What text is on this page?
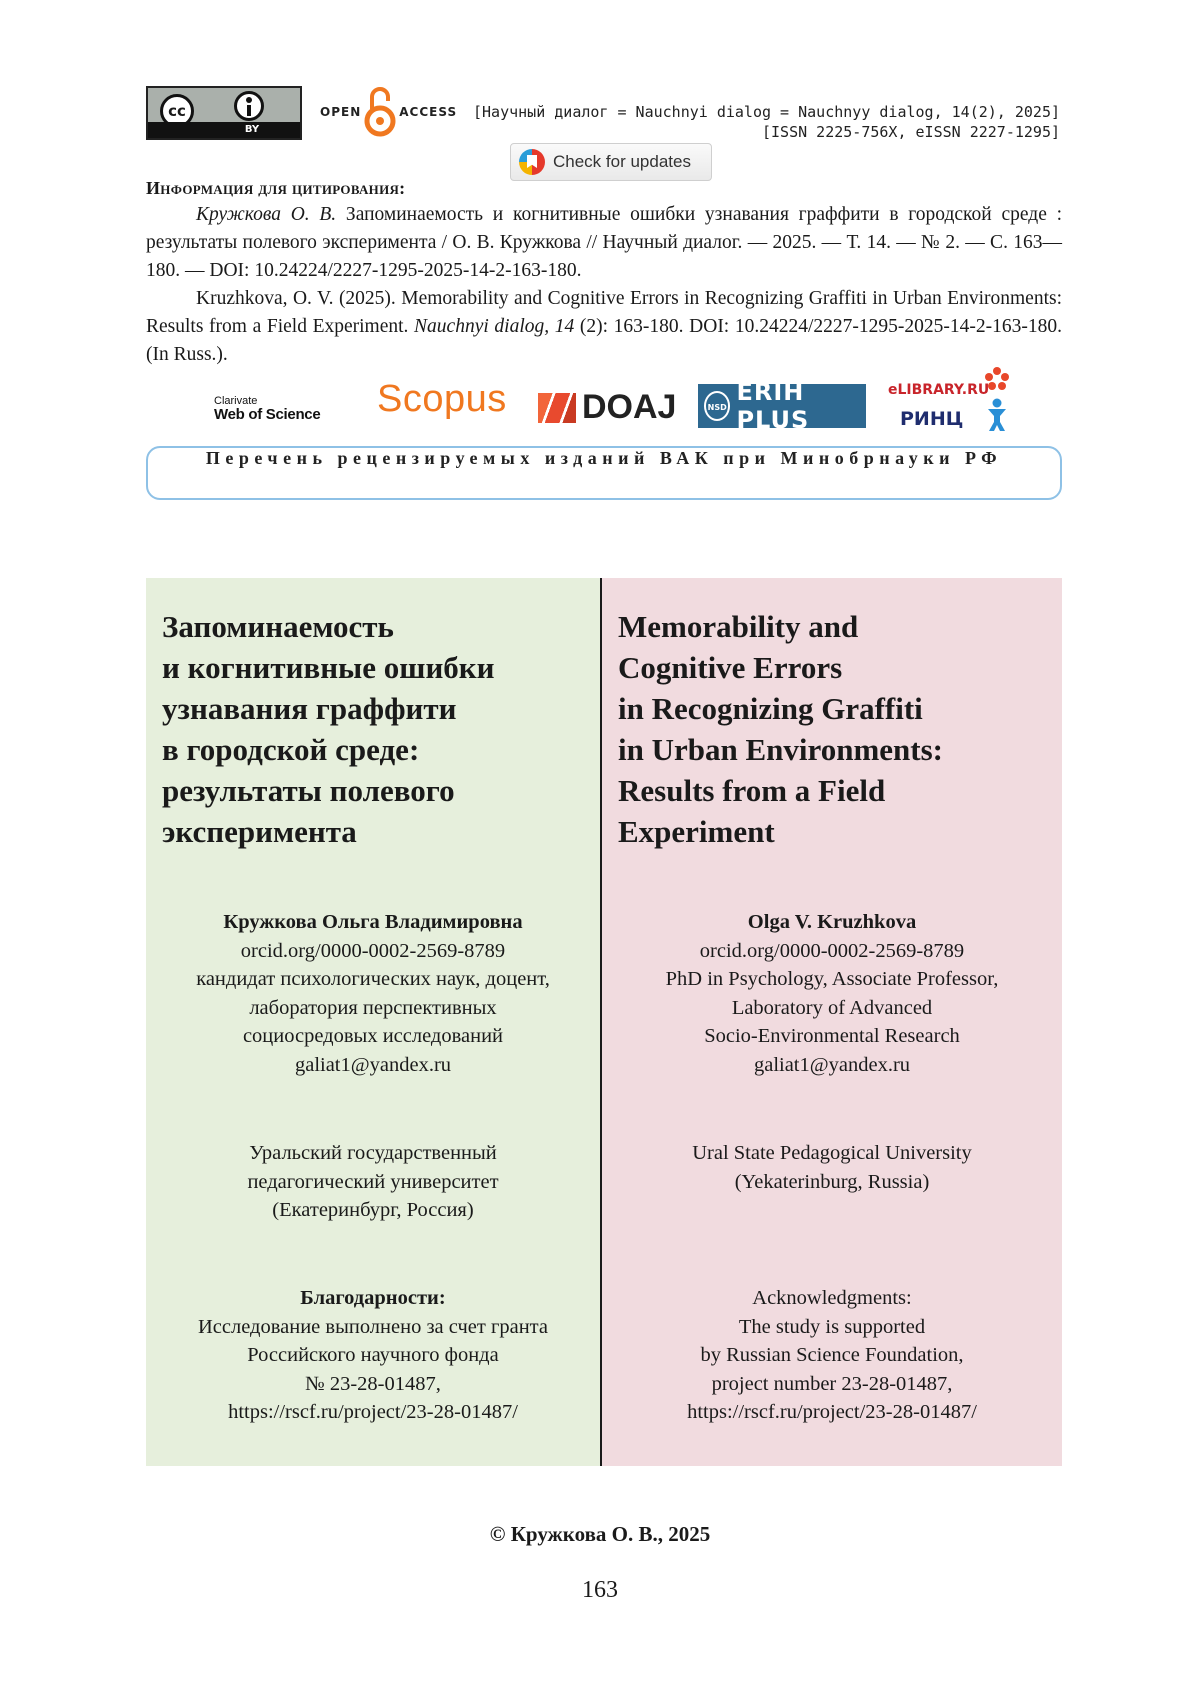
cc
BY
OPEN	ACCESS [Научный диалог = Nauchnyi dialog = Nauchnyy dialog, 14(2), 2025]
[ISSN 2225-756X, eISSN 2227-1295]
Check for updates
Информация для цитирования:
Кружкова О. В. Запоминаемость и когнитивные ошибки узнавания граффити в городской среде : результаты полевого эксперимента / О. В. Кружкова // Научный диалог. — 2025. — Т. 14. — № 2. — С. 163—180. — DOI: 10.24224/2227-1295-2025-14-2-163-180.
Kruzhkova, O. V. (2025). Memorability and Cognitive Errors in Recognizing Graffiti in Urban Environments: Results from a Field Experiment. Nauchnyi dialog, 14 (2): 163-180. DOI: 10.24224/2227-1295-2025-14-2-163-180. (In Russ.).
Clarivate
Web of Science Scopus DOAJ	NSD
ERIH PLUS
eLIBRARY.RU
РИНЦ
Перечень рецензируемых изданий ВАК при Минобрнауки РФ
Запоминаемость
и когнитивные ошибки
узнавания граффити
в городской среде:
результаты полевого
эксперимента
Кружкова Ольга Владимировна
orcid.org/0000-0002-2569-8789
кандидат психологических наук, доцент,
лаборатория перспективных
социосредовых исследований
galiat1@yandex.ru
Уральский государственный
педагогический университет
(Екатеринбург, Россия)
Благодарности:
Исследование выполнено за счет гранта
Российского научного фонда
№ 23-28-01487,
https://rscf.ru/project/23-28-01487/
Memorability and
Cognitive Errors
in Recognizing Graffiti
in Urban Environments:
Results from a Field
Experiment
Olga V. Kruzhkova
orcid.org/0000-0002-2569-8789
PhD in Psychology, Associate Professor,
Laboratory of Advanced
Socio-Environmental Research
galiat1@yandex.ru
Ural State Pedagogical University
(Yekaterinburg, Russia)
Acknowledgments:
The study is supported
by Russian Science Foundation,
project number 23-28-01487,
https://rscf.ru/project/23-28-01487/
© Кружкова О. В., 2025
163
